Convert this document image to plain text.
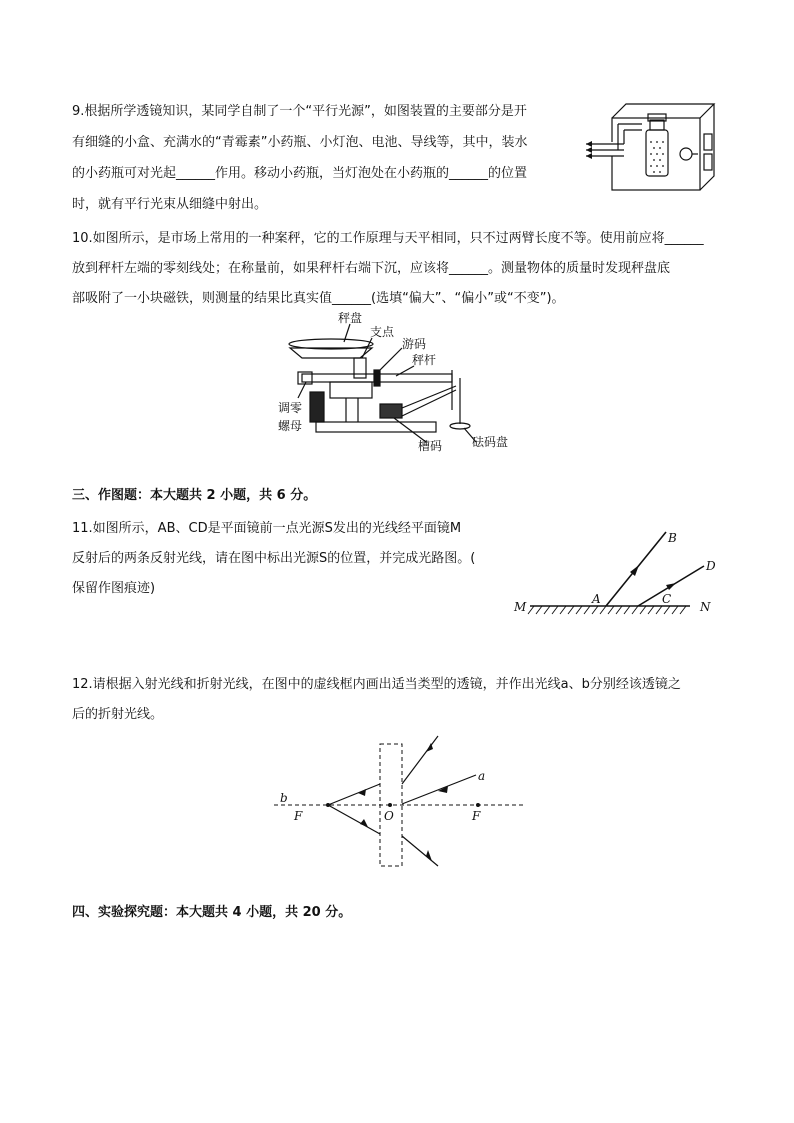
9.根据所学透镜知识，某同学自制了一个“平行光源”，如图装置的主要部分是开
有细缝的小盒、充满水的“青霉素”小药瓶、小灯泡、电池、导线等，其中，装水
的小药瓶可对光起______作用。移动小药瓶，当灯泡处在小药瓶的______的位置
时，就有平行光束从细缝中射出。
10.如图所示，是市场上常用的一种案秤，它的工作原理与天平相同，只不过两臂长度不等。使用前应将______
放到秤杆左端的零刻线处；在称量前，如果秤杆右端下沉，应该将______。测量物体的质量时发现秤盘底
部吸附了一小块磁铁，则测量的结果比真实值______(选填“偏大”、“偏小”或“不变”)。
秤盘
支点
游码
秤杆
调零
螺母
槽码 砝码盘
三、作图题：本大题共 2 小题，共 6 分。
11.如图所示，AB、CD是平面镜前一点光源S发出的光线经平面镜M
反射后的两条反射光线，请在图中标出光源S的位置，并完成光路图。(
保留作图痕迹)
M	N
A
B
C
D
12.请根据入射光线和折射光线，在图中的虚线框内画出适当类型的透镜，并作出光线a、b分别经该透镜之
后的折射光线。
a
b
F	O	F
四、实验探究题：本大题共 4 小题，共 20 分。
